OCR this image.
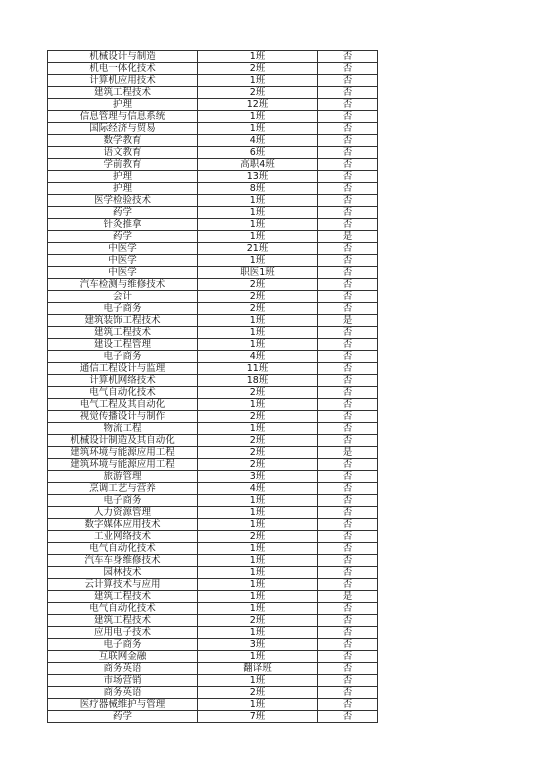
机械设计与制造	1班	否
机电一体化技术	2班	否
计算机应用技术	1班	否
建筑工程技术	2班	否
护理	12班	否
信息管理与信息系统	1班	否
国际经济与贸易	1班	否
数学教育	4班	否
语文教育	6班	否
学前教育	高职4班	否
护理	13班	否
护理	8班	否
医学检验技术	1班	否
药学	1班	否
针灸推拿	1班	否
药学	1班	是
中医学	21班	否
中医学	1班	否
中医学	职医1班	否
汽车检测与维修技术	2班	否
会计	2班	否
电子商务	2班	否
建筑装饰工程技术	1班	是
建筑工程技术	1班	否
建设工程管理	1班	否
电子商务	4班	否
通信工程设计与监理	11班	否
计算机网络技术	18班	否
电气自动化技术	2班	否
电气工程及其自动化	1班	否
视觉传播设计与制作	2班	否
物流工程	1班	否
机械设计制造及其自动化	2班	否
建筑环境与能源应用工程	2班	是
建筑环境与能源应用工程	2班	否
旅游管理	3班	否
烹调工艺与营养	4班	否
电子商务	1班	否
人力资源管理	1班	否
数字媒体应用技术	1班	否
工业网络技术	2班	否
电气自动化技术	1班	否
汽车车身维修技术	1班	否
园林技术	1班	否
云计算技术与应用	1班	否
建筑工程技术	1班	是
电气自动化技术	1班	否
建筑工程技术	2班	否
应用电子技术	1班	否
电子商务	3班	否
互联网金融	1班	否
商务英语	翻译班	否
市场营销	1班	否
商务英语	2班	否
医疗器械维护与管理	1班	否
药学	7班	否
